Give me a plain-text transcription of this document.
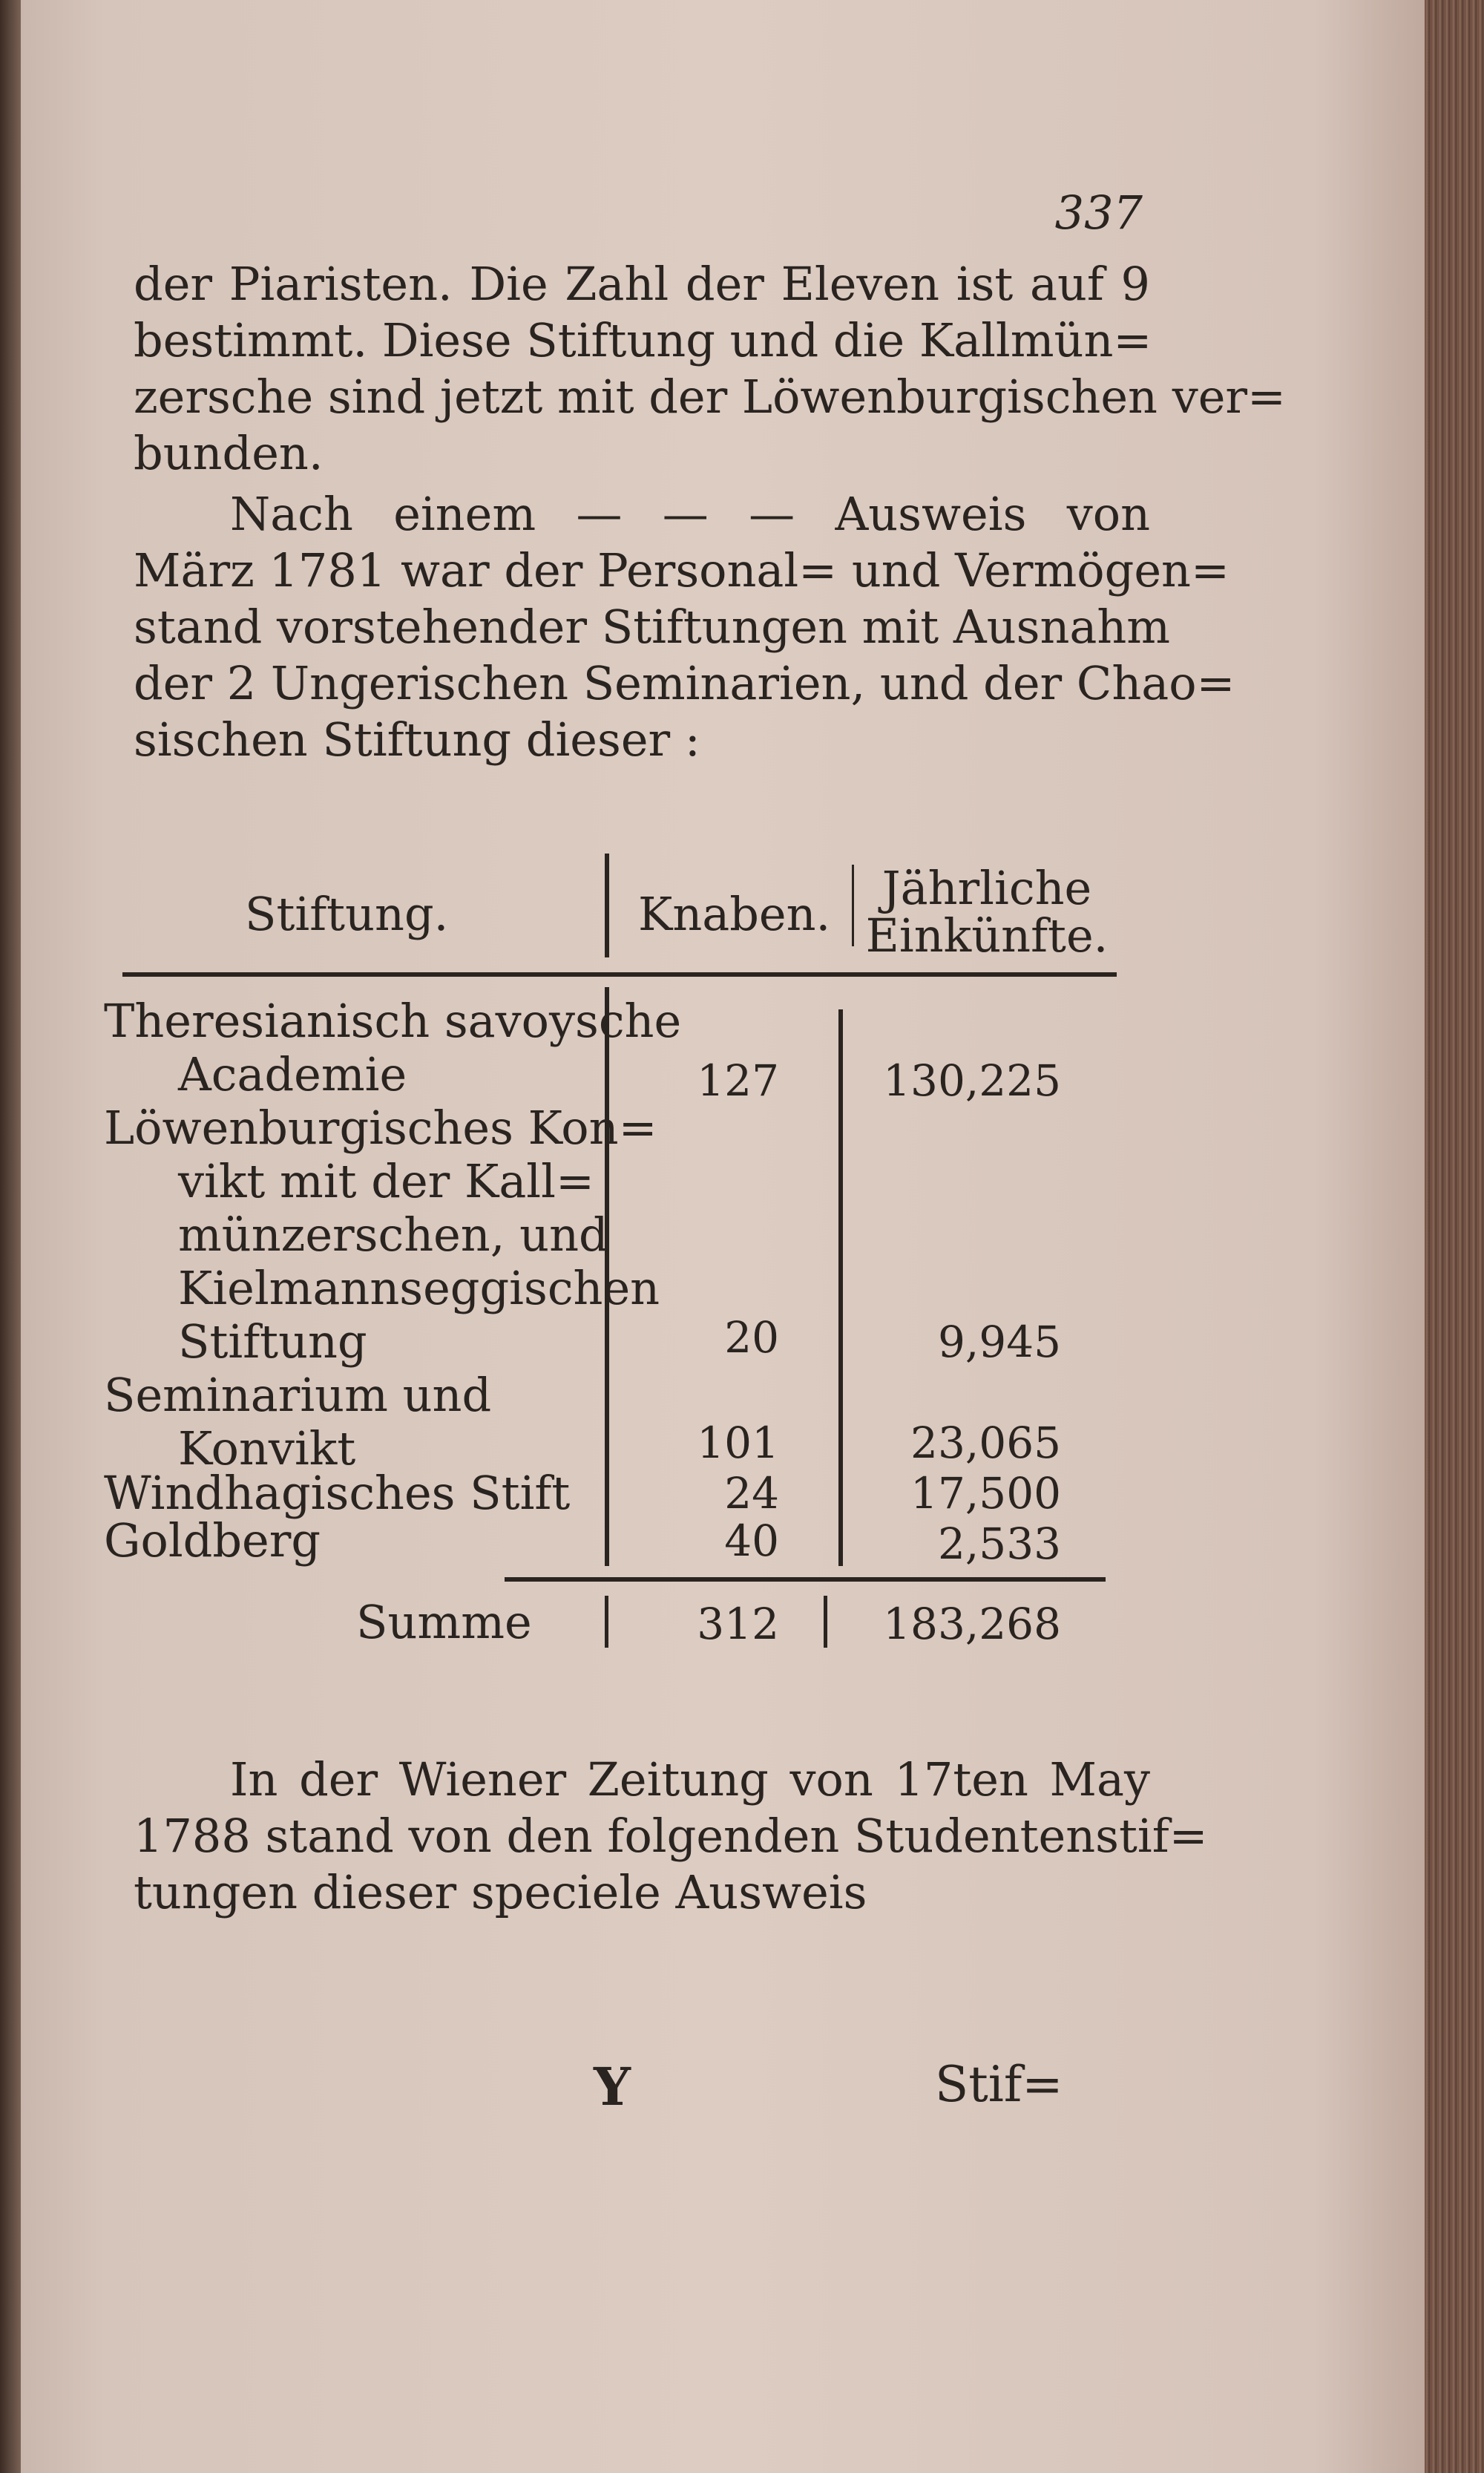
337
der Piaristen. Die Zahl der Eleven ist auf 9
bestimmt. Diese Stiftung und die Kallmün=
zersche sind jetzt mit der Löwenburgischen ver=
bunden.
Nach einem — — — Ausweis von
März 1781 war der Personal= und Vermögen=
stand vorstehender Stiftungen mit Ausnahm
der 2 Ungerischen Seminarien, und der Chao=
sischen Stiftung dieser :
Stiftung.	Knaben.	Jährliche
Einkünfte.
Theresianisch savoysche
Academie	127	130,225
Löwenburgisches Kon=
vikt mit der Kall=
münzerschen, und
Kielmannseggischen
Stiftung	20	9,945
Seminarium und
Konvikt	101	23,065
Windhagisches Stift	24	17,500
Goldberg	40	2,533
Summe	312	183,268
In der Wiener Zeitung von 17ten May
1788 stand von den folgenden Studentenstif=
tungen dieser speciele Ausweis
Y	Stif=
